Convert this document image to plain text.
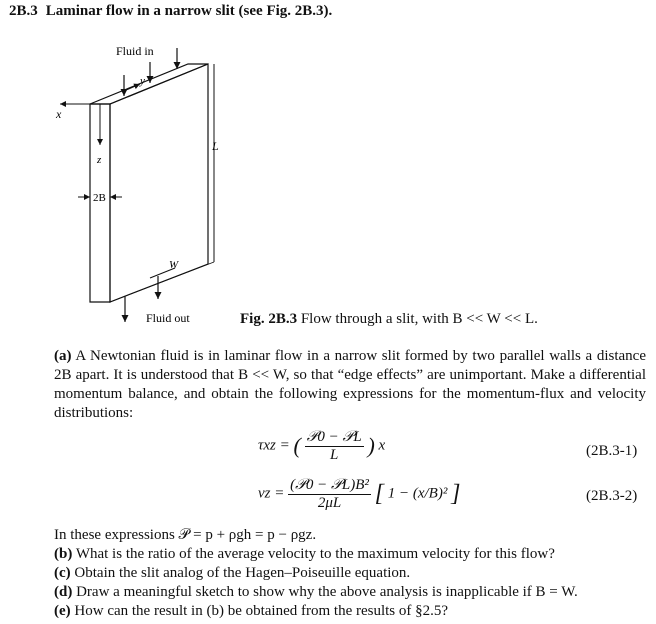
2B.3 Laminar flow in a narrow slit (see Fig. 2B.3).
Fluid in
y
x
z
L
2B
W
Fluid out	Fig. 2B.3 Flow through a slit, with B << W << L.

(a) A Newtonian fluid is in laminar flow in a narrow slit formed by two parallel walls a distance 2B apart. It is understood that B << W, so that “edge effects” are unimportant. Make a differential momentum balance, and obtain the following expressions for the momentum-flux and velocity distributions:

τxz = ( $\frac{\text{𝒫0 − 𝒫L}}{L}$ ) x	(2B.3-1)
vz = $\frac{\text{(𝒫0 − 𝒫L)B²}}{2\mu L}$ [ 1 − (x/B)² ]	(2B.3-2)
In these expressions 𝒫 = p + ρgh = p − ρgz.
(b) What is the ratio of the average velocity to the maximum velocity for this flow?
(c) Obtain the slit analog of the Hagen–Poiseuille equation.
(d) Draw a meaningful sketch to show why the above analysis is inapplicable if B = W.
(e) How can the result in (b) be obtained from the results of §2.5?
